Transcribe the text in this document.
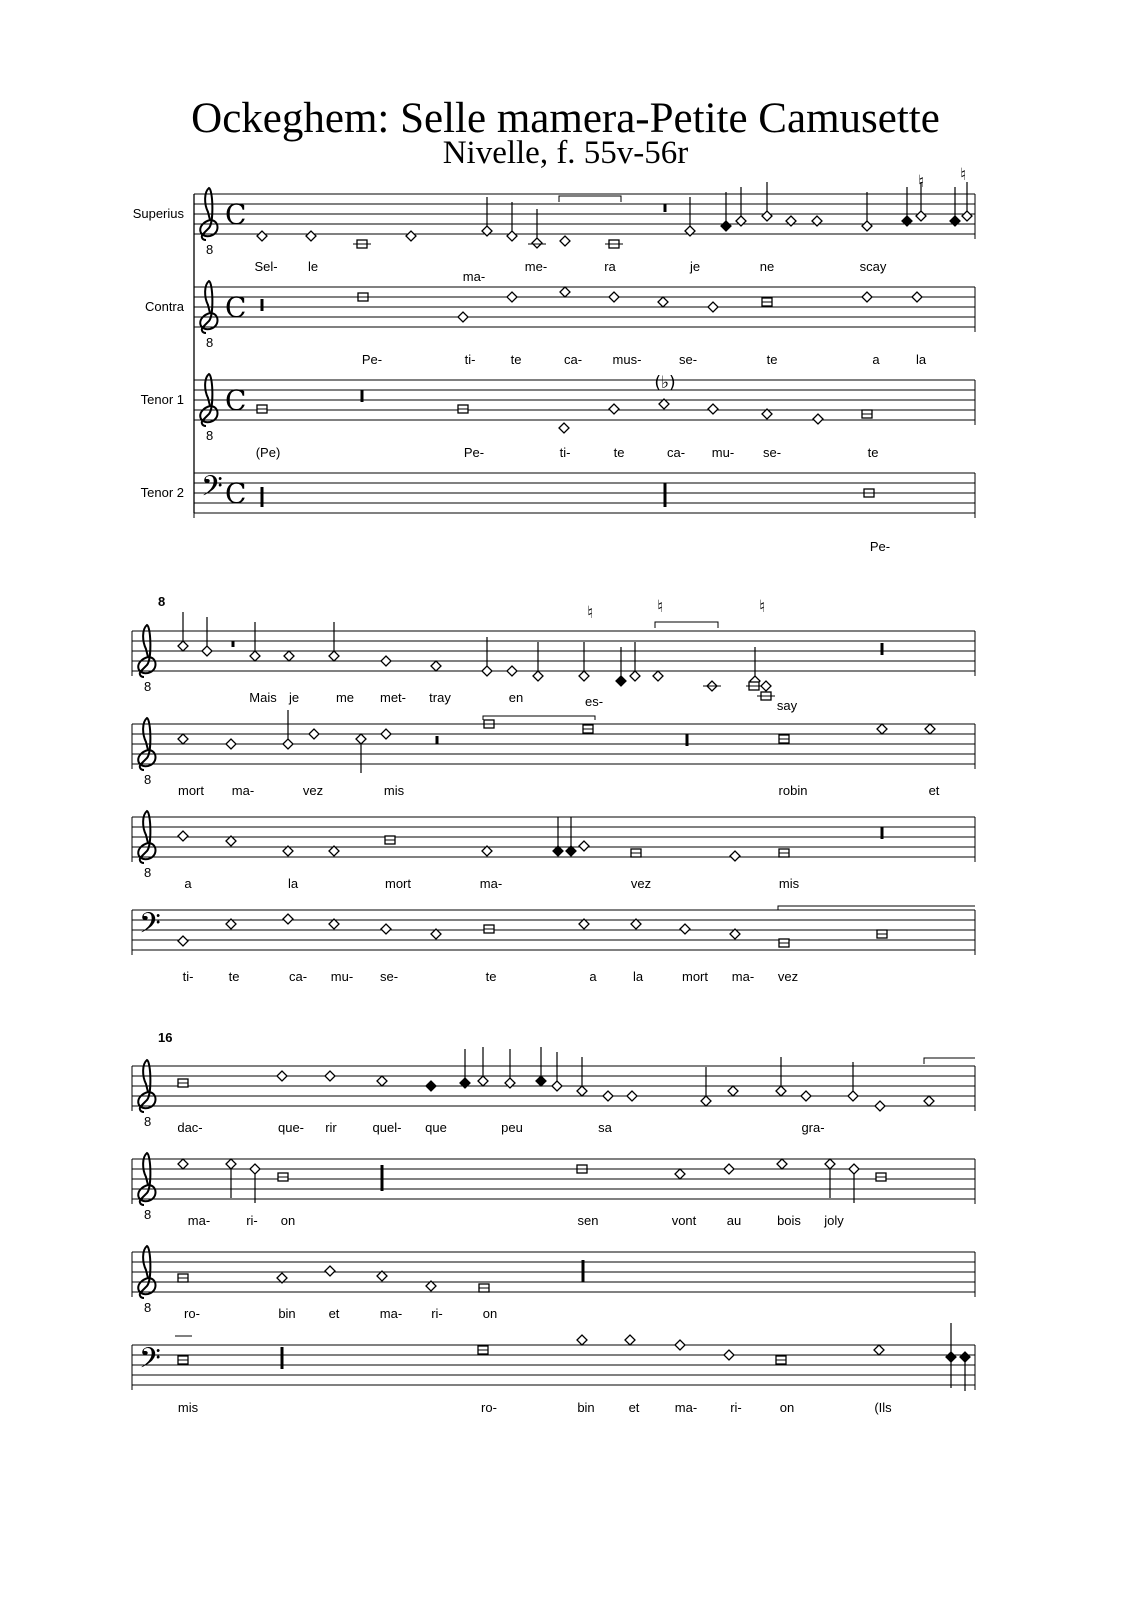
Ockeghem: Selle mamera-Petite Camusette
Nivelle, f. 55v-56r
Superius
Contra
Tenor 1
Tenor 2
8
C
8
C
8
C
𝄢 C
♮ ♮
(♭)
Sel- le
ma-
me-	ra	je	ne	scay
Pe-	ti-	te	ca- mus-	se-	te	a	la
(Pe)	Pe-	ti-	te	ca- mu- se-	te
Pe-
8
8
8
8
𝄢
♮	♮	♮
Mais je	me met- tray	en	es-	say
mort ma-	vez	mis	robin	et
a	la	mort	ma-	vez	mis
ti-	te	ca- mu- se-	te	a	la	mort ma- vez
16
8
8
8
𝄢
dac-	que- rir	quel- que	peu	sa	gra-
ma-	ri- on	sen	vont au	bois joly
ro-	bin	et	ma- ri-	on
mis	ro-	bin	et	ma-	ri-	on	(Ils
